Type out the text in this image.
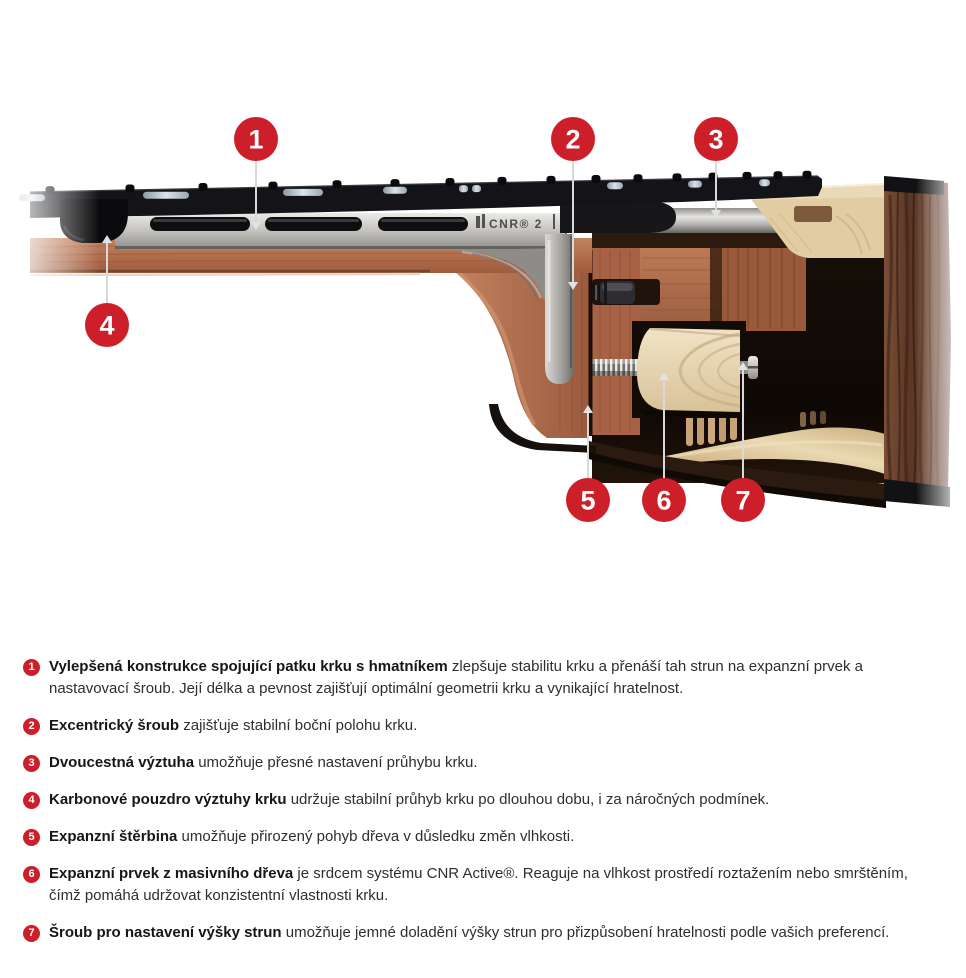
CNR® 2
1	2	3
4
5 6 7
1 Vylepšená konstrukce spojující patku krku s hmatníkem zlepšuje stabilitu krku a přenáší tah strun na expanzní prvek a nastavovací šroub. Její délka a pevnost zajišťují optimální geometrii krku a vynikající hratelnost.

2 Excentrický šroub zajišťuje stabilní boční polohu krku.

3 Dvoucestná výztuha umožňuje přesné nastavení průhybu krku.

4 Karbonové pouzdro výztuhy krku udržuje stabilní průhyb krku po dlouhou dobu, i za náročných podmínek.

5 Expanzní štěrbina umožňuje přirozený pohyb dřeva v důsledku změn vlhkosti.

6 Expanzní prvek z masivního dřeva je srdcem systému CNR Active®. Reaguje na vlhkost prostředí roztažením nebo smrštěním, čímž pomáhá udržovat konzistentní vlastnosti krku.

7 Šroub pro nastavení výšky strun umožňuje jemné doladění výšky strun pro přizpůsobení hratelnosti podle vašich preferencí.
